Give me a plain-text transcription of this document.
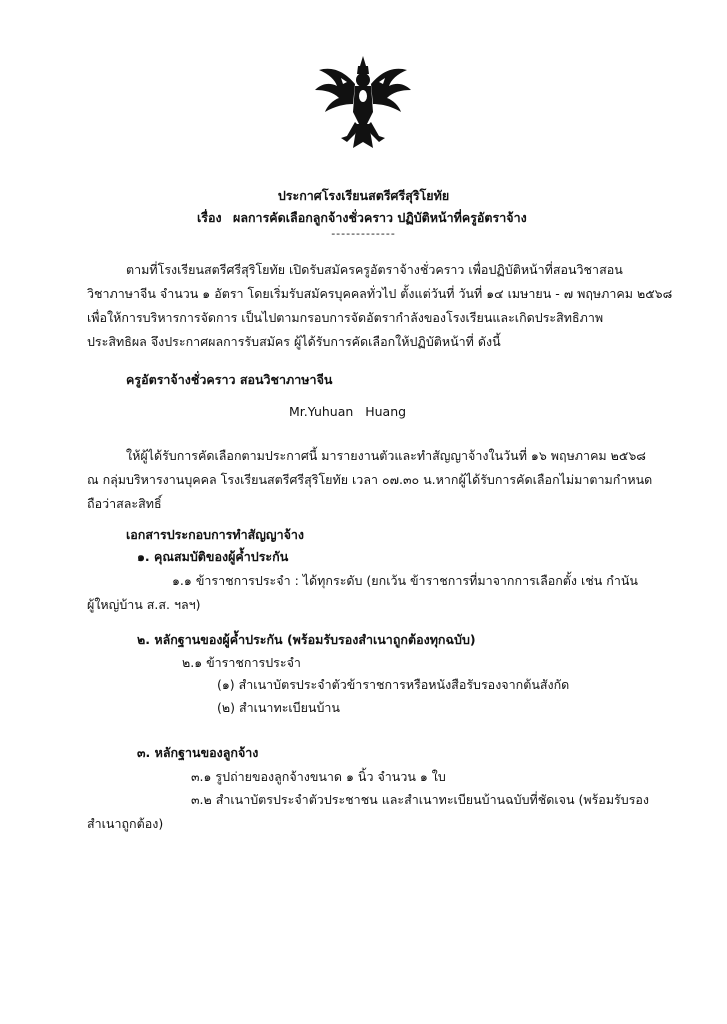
ประกาศโรงเรียนสตรีศรีสุริโยทัย
เรื่อง ผลการคัดเลือกลูกจ้างชั่วคราว ปฏิบัติหน้าที่ครูอัตราจ้าง
-------------
ตามที่โรงเรียนสตรีศรีสุริโยทัย เปิดรับสมัครครูอัตราจ้างชั่วคราว เพื่อปฏิบัติหน้าที่สอนวิชาสอน
วิชาภาษาจีน จำนวน ๑ อัตรา โดยเริ่มรับสมัครบุคคลทั่วไป ตั้งแต่วันที่ วันที่ ๑๔ เมษายน - ๗ พฤษภาคม ๒๕๖๘
เพื่อให้การบริหารการจัดการ เป็นไปตามกรอบการจัดอัตรากำลังของโรงเรียนและเกิดประสิทธิภาพ
ประสิทธิผล จึงประกาศผลการรับสมัคร ผู้ได้รับการคัดเลือกให้ปฏิบัติหน้าที่ ดังนี้
ครูอัตราจ้างชั่วคราว สอนวิชาภาษาจีน
Mr.Yuhuan   Huang
ให้ผู้ได้รับการคัดเลือกตามประกาศนี้ มารายงานตัวและทำสัญญาจ้างในวันที่ ๑๖ พฤษภาคม ๒๕๖๘
ณ กลุ่มบริหารงานบุคคล โรงเรียนสตรีศรีสุริโยทัย เวลา ๐๗.๓๐ น.หากผู้ได้รับการคัดเลือกไม่มาตามกำหนด
ถือว่าสละสิทธิ์
เอกสารประกอบการทำสัญญาจ้าง
๑. คุณสมบัติของผู้ค้ำประกัน
๑.๑ ข้าราชการประจำ : ได้ทุกระดับ (ยกเว้น ข้าราชการที่มาจากการเลือกตั้ง เช่น กำนัน
ผู้ใหญ่บ้าน ส.ส. ฯลฯ)
๒. หลักฐานของผู้ค้ำประกัน (พร้อมรับรองสำเนาถูกต้องทุกฉบับ)
๒.๑ ข้าราชการประจำ
(๑) สำเนาบัตรประจำตัวข้าราชการหรือหนังสือรับรองจากต้นสังกัด
(๒) สำเนาทะเบียนบ้าน
๓. หลักฐานของลูกจ้าง
๓.๑ รูปถ่ายของลูกจ้างขนาด ๑ นิ้ว จำนวน ๑ ใบ
๓.๒ สำเนาบัตรประจำตัวประชาชน และสำเนาทะเบียนบ้านฉบับที่ชัดเจน (พร้อมรับรอง
สำเนาถูกต้อง)
